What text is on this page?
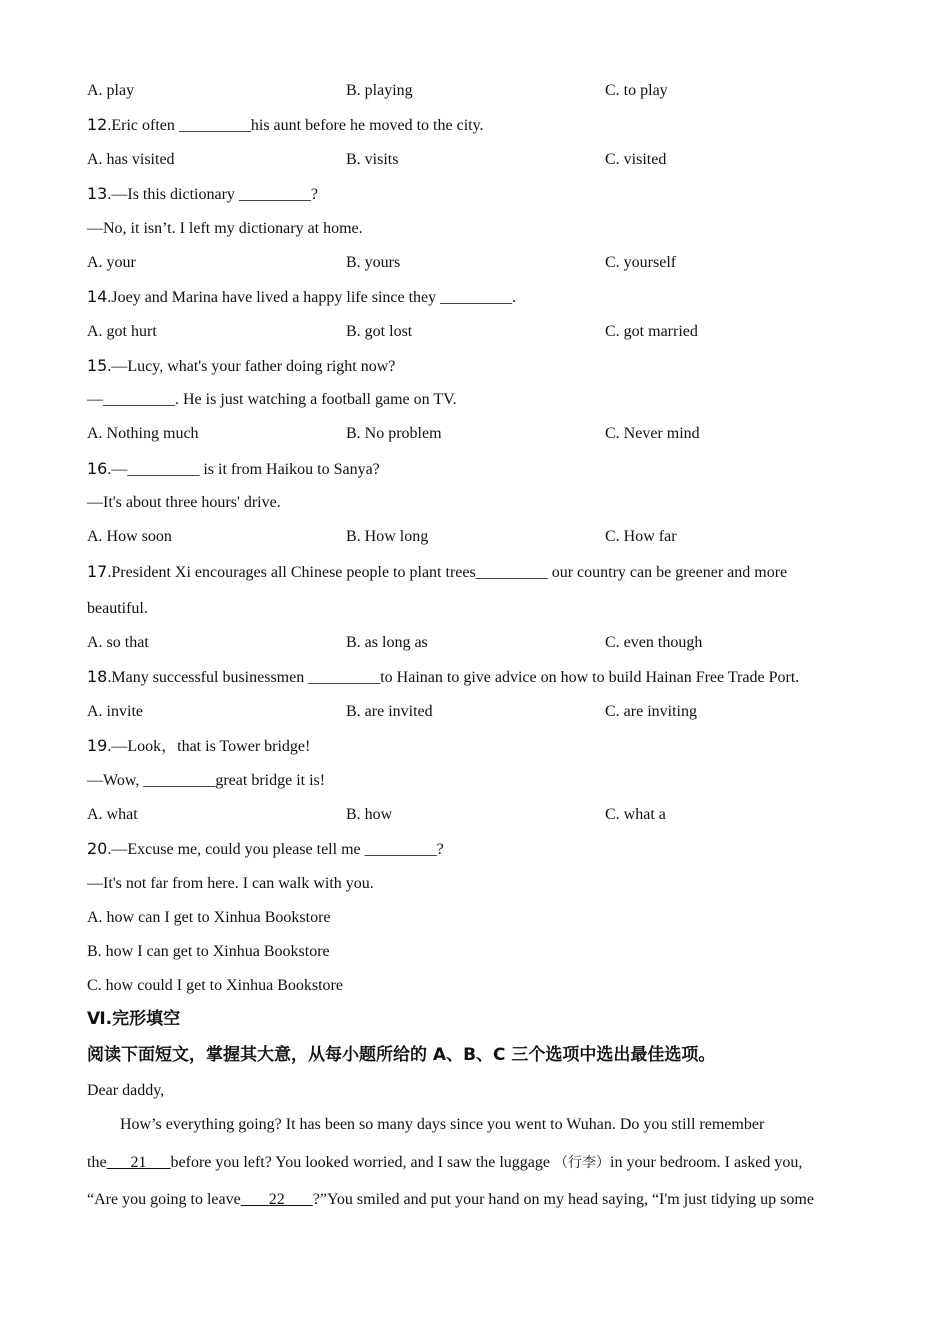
A. play	B. playing	C. to play
12.Eric often _________his aunt before he moved to the city.
A. has visited	B. visits	C. visited
13.—Is this dictionary _________?
—No, it isn’t. I left my dictionary at home.
A. your	B. yours	C. yourself
14.Joey and Marina have lived a happy life since they _________.
A. got hurt	B. got lost	C. got married
15.—Lucy, what's your father doing right now?
—_________. He is just watching a football game on TV.
A. Nothing much	B. No problem	C. Never mind
16.—_________ is it from Haikou to Sanya?
—It's about three hours' drive.
A. How soon	B. How long	C. How far
17.President Xi encourages all Chinese people to plant trees_________ our country can be greener and more
beautiful.
A. so that	B. as long as	C. even though
18.Many successful businessmen _________to Hainan to give advice on how to build Hainan Free Trade Port.
A. invite	B. are invited	C. are inviting
19.—Look，that is Tower bridge!
—Wow, _________great bridge it is!
A. what	B. how	C. what a
20.—Excuse me, could you please tell me _________?
—It's not far from here. I can walk with you.
A. how can I get to Xinhua Bookstore
B. how I can get to Xinhua Bookstore
C. how could I get to Xinhua Bookstore
Ⅵ.完形填空
阅读下面短文，掌握其大意，从每小题所给的 A、B、C 三个选项中选出最佳选项。
Dear daddy,
How’s everything going? It has been so many days since you went to Wuhan. Do you still remember
the 21 before you left? You looked worried, and I saw the luggage （行李）in your bedroom. I asked you,
“Are you going to leave 22 ?”You smiled and put your hand on my head saying, “I'm just tidying up some
